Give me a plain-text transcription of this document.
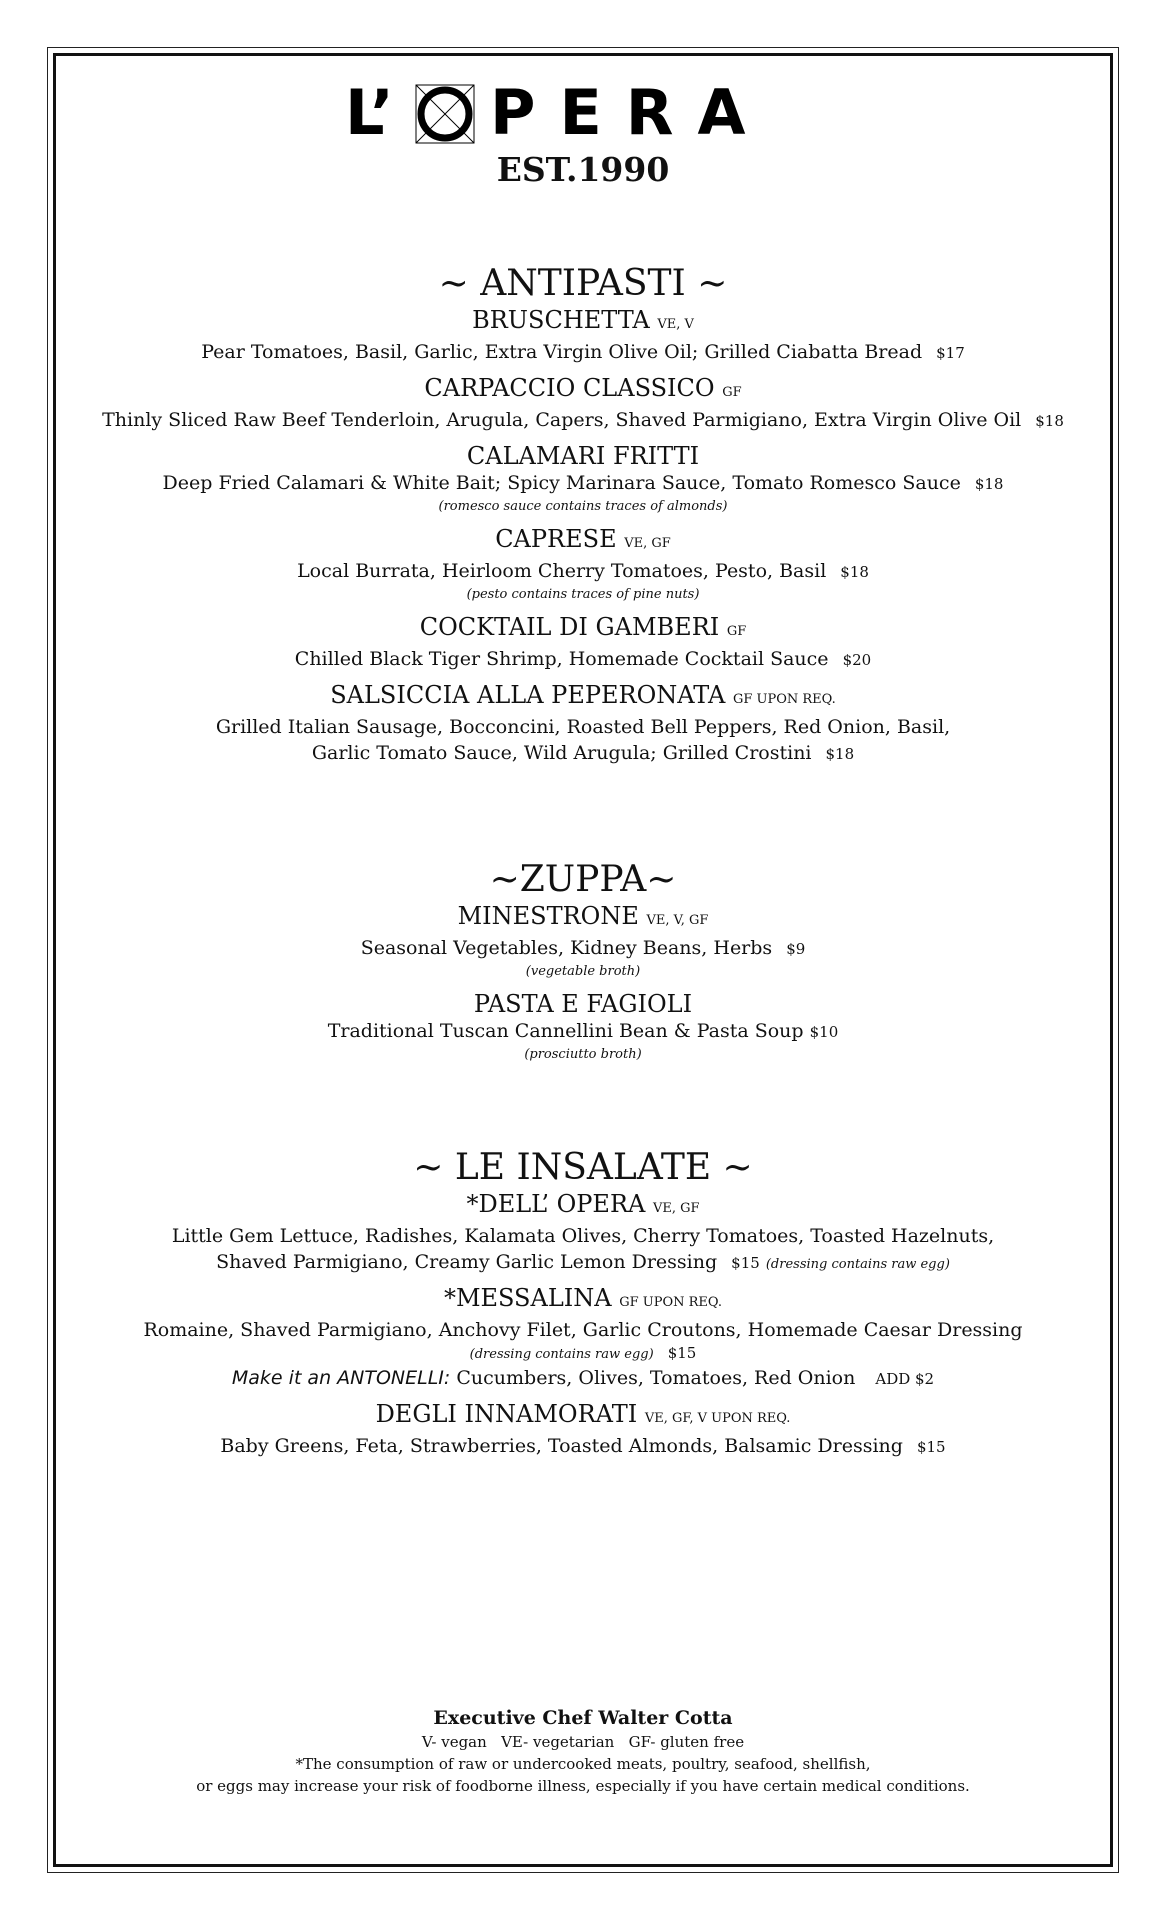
L’ PERA
EST.1990
~ ANTIPASTI ~

BRUSCHETTA VE, V

Pear Tomatoes, Basil, Garlic, Extra Virgin Olive Oil; Grilled Ciabatta Bread $17

CARPACCIO CLASSICO GF

Thinly Sliced Raw Beef Tenderloin, Arugula, Capers, Shaved Parmigiano, Extra Virgin Olive Oil $18

CALAMARI FRITTI

Deep Fried Calamari & White Bait; Spicy Marinara Sauce, Tomato Romesco Sauce $18

(romesco sauce contains traces of almonds)

CAPRESE VE, GF

Local Burrata, Heirloom Cherry Tomatoes, Pesto, Basil $18

(pesto contains traces of pine nuts)

COCKTAIL DI GAMBERI GF

Chilled Black Tiger Shrimp, Homemade Cocktail Sauce $20

SALSICCIA ALLA PEPERONATA GF UPON REQ.

Grilled Italian Sausage, Bocconcini, Roasted Bell Peppers, Red Onion, Basil,

Garlic Tomato Sauce, Wild Arugula; Grilled Crostini $18

~ZUPPA~

MINESTRONE VE, V, GF

Seasonal Vegetables, Kidney Beans, Herbs $9

(vegetable broth)

PASTA E FAGIOLI

Traditional Tuscan Cannellini Bean & Pasta Soup $10

(prosciutto broth)

~ LE INSALATE ~

*DELL’ OPERA VE, GF

Little Gem Lettuce, Radishes, Kalamata Olives, Cherry Tomatoes, Toasted Hazelnuts,

Shaved Parmigiano, Creamy Garlic Lemon Dressing $15 (dressing contains raw egg)

*MESSALINA GF UPON REQ.

Romaine, Shaved Parmigiano, Anchovy Filet, Garlic Croutons, Homemade Caesar Dressing

(dressing contains raw egg) $15

Make it an ANTONELLI: Cucumbers, Olives, Tomatoes, Red Onion ADD $2

DEGLI INNAMORATI VE, GF, V UPON REQ.

Baby Greens, Feta, Strawberries, Toasted Almonds, Balsamic Dressing $15

Executive Chef Walter Cotta

V- vegan   VE- vegetarian   GF- gluten free

*The consumption of raw or undercooked meats, poultry, seafood, shellfish,

or eggs may increase your risk of foodborne illness, especially if you have certain medical conditions.
